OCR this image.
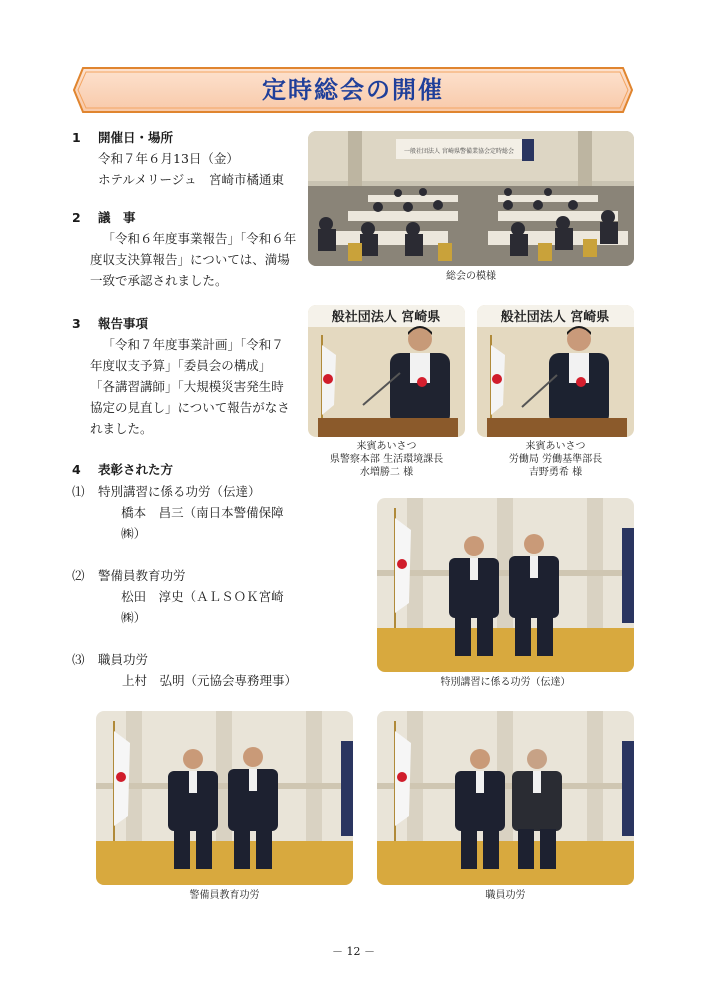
定時総会の開催
1	開催日・場所
令和７年６月13日（金）
ホテルメリージュ　宮崎市橘通東
2	議　事
「令和６年度事業報告」「令和６年
度収支決算報告」については、満場
一致で承認されました。
3	報告事項
「令和７年度事業計画」「令和７
年度収支予算」「委員会の構成」
「各講習講師」「大規模災害発生時
協定の見直し」について報告がなさ
れました。
4	表彰された方
⑴	特別講習に係る功労（伝達）
橋本　昌三（南日本警備保障㈱）
⑵	警備員教育功労
松田　淳史（ＡＬＳＯＫ宮崎㈱）
⑶	職員功労
上村　弘明（元協会専務理事）
一般社団法人 宮崎県警備業協会定時総会
総会の模様
般社団法人 宮崎県
来賓あいさつ
県警察本部 生活環境課長
水増勝二 様
般社団法人 宮崎県
来賓あいさつ
労働局 労働基準部長
吉野勇希 様
特別講習に係る功労（伝達）
警備員教育功労	職員功労
－ 12 －
